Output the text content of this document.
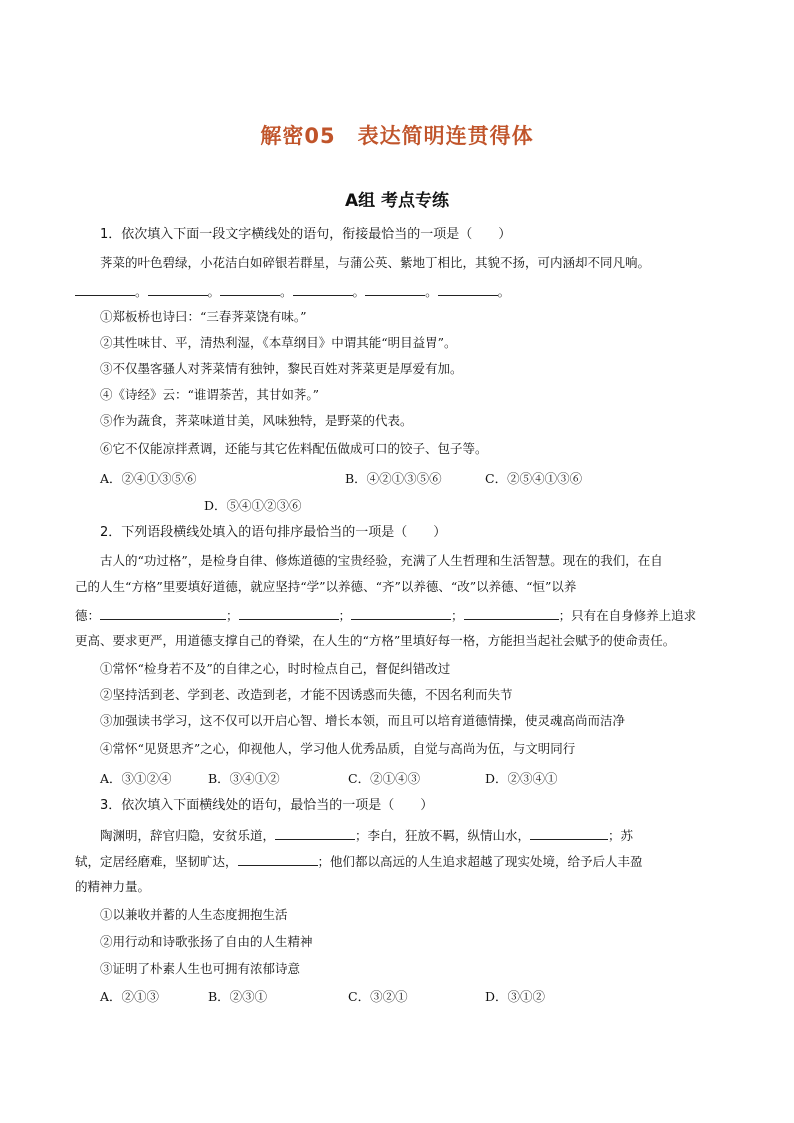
解密05　表达简明连贯得体
A组 考点专练
1．依次填入下面一段文字横线处的语句，衔接最恰当的一项是（　　）
荠菜的叶色碧绿，小花洁白如碎银若群星，与蒲公英、紫地丁相比，其貌不扬，可内涵却不同凡响。
。	。	。	。	。	。
①郑板桥也诗曰：“三春荠菜饶有味。”
②其性味甘、平，清热利湿，《本草纲目》中谓其能“明目益胃”。
③不仅墨客骚人对荠菜情有独钟，黎民百姓对荠菜更是厚爱有加。
④《诗经》云：“谁谓荼苦，其甘如荠。”
⑤作为蔬食，荠菜味道甘美，风味独特，是野菜的代表。
⑥它不仅能凉拌煮调，还能与其它佐料配伍做成可口的饺子、包子等。
A．②④①③⑤⑥	B．④②①③⑤⑥	C．②⑤④①③⑥
D．⑤④①②③⑥
2．下列语段横线处填入的语句排序最恰当的一项是（　　）
古人的“功过格”，是检身自律、修炼道德的宝贵经验，充满了人生哲理和生活智慧。现在的我们，在自
己的人生“方格”里要填好道德，就应坚持“学”以养德、“齐”以养德、“改”以养德、“恒”以养
德：	；	；	；	；只有在自身修养上追求
更高、要求更严，用道德支撑自己的脊梁，在人生的“方格”里填好每一格，方能担当起社会赋予的使命责任。
①常怀“检身若不及”的自律之心，时时检点自己，督促纠错改过
②坚持活到老、学到老、改造到老，才能不因诱惑而失德，不因名利而失节
③加强读书学习，这不仅可以开启心智、增长本领，而且可以培育道德情操，使灵魂高尚而洁净
④常怀“见贤思齐”之心，仰视他人，学习他人优秀品质，自觉与高尚为伍，与文明同行
A．③①②④	B．③④①②	C．②①④③	D．②③④①
3．依次填入下面横线处的语句，最恰当的一项是（　　）
陶渊明，辞官归隐，安贫乐道，	；李白，狂放不羁，纵情山水，	；苏
轼，定居经磨难，坚韧旷达，	；他们都以高远的人生追求超越了现实处境，给予后人丰盈
的精神力量。
①以兼收并蓄的人生态度拥抱生活
②用行动和诗歌张扬了自由的人生精神
③证明了朴素人生也可拥有浓郁诗意
A．②①③	B．②③①	C．③②①	D．③①②
